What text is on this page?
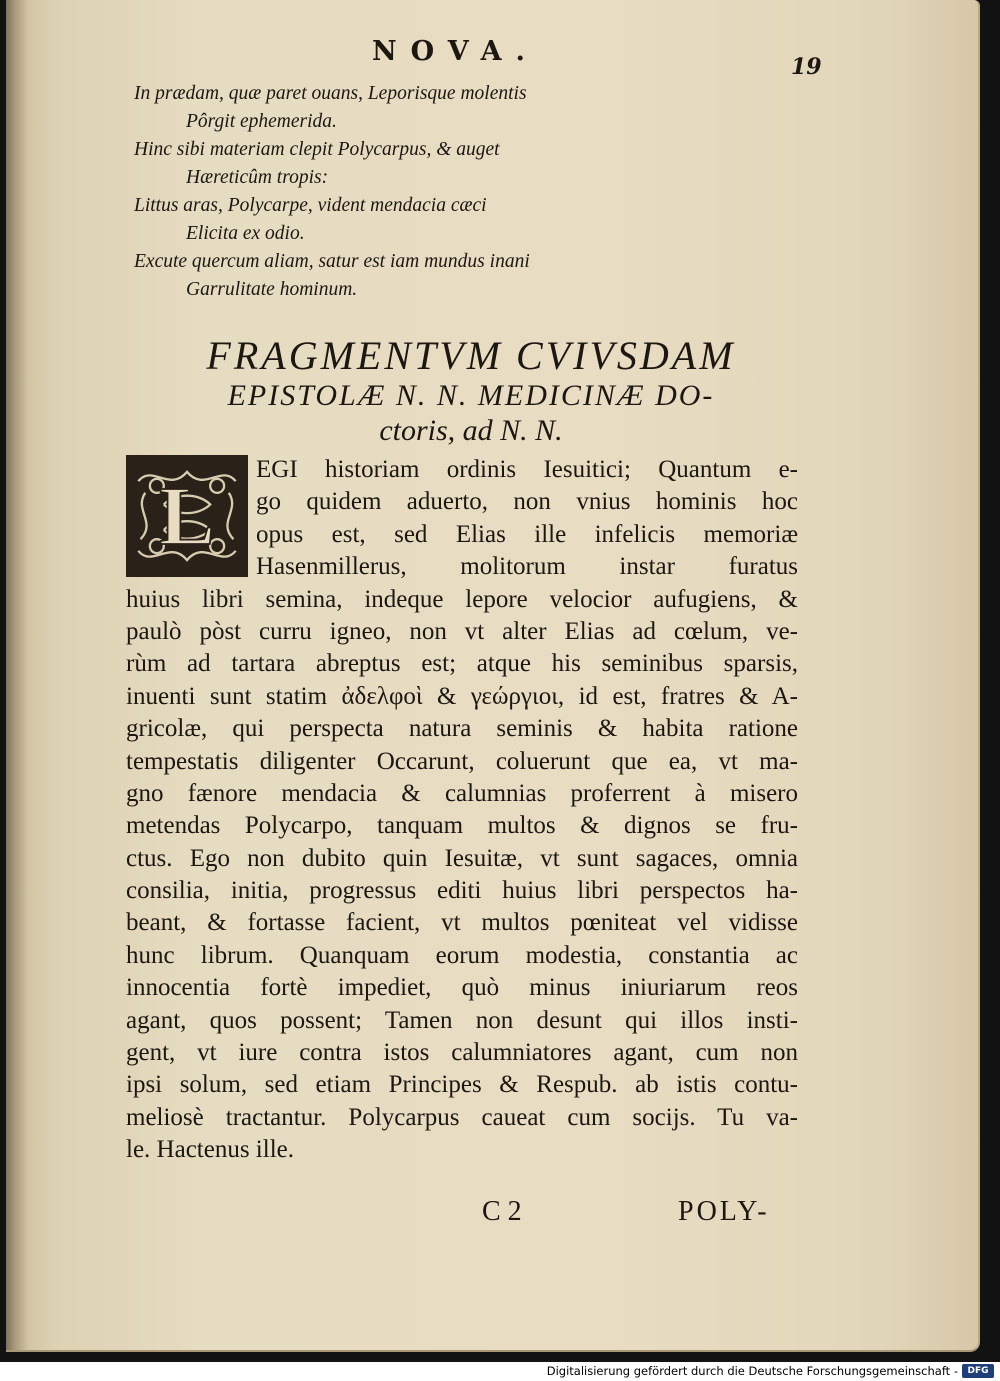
NOVA.	19
In prædam, quæ paret ouans, Leporisque molentis
Pôrgit ephemerida.
Hinc sibi materiam clepit Polycarpus, & auget
Hæreticûm tropis:
Littus aras, Polycarpe, vident mendacia cæci
Elicita ex odio.
Excute quercum aliam, satur est iam mundus inani
Garrulitate hominum.
FRAGMENTVM CVIVSDAM
EPISTOLÆ N. N. MEDICINÆ DO-
ctoris, ad N. N.
L
EGI historiam ordinis Iesuitici; Quantum e-
go quidem aduerto, non vnius hominis hoc
opus est, sed Elias ille infelicis memoriæ
Hasenmillerus, molitorum instar furatus
huius libri semina, indeque lepore velocior aufugiens, &
paulò pòst curru igneo, non vt alter Elias ad cœlum, ve-
rùm ad tartara abreptus est; atque his seminibus sparsis,
inuenti sunt statim ἀδελφοὶ & γεώργιοι, id est, fratres & A-
gricolæ, qui perspecta natura seminis & habita ratione
tempestatis diligenter Occarunt, coluerunt que ea, vt ma-
gno fænore mendacia & calumnias proferrent à misero
metendas Polycarpo, tanquam multos & dignos se fru-
ctus. Ego non dubito quin Iesuitæ, vt sunt sagaces, omnia
consilia, initia, progressus editi huius libri perspectos ha-
beant, & fortasse facient, vt multos pœniteat vel vidisse
hunc librum. Quanquam eorum modestia, constantia ac
innocentia fortè impediet, quò minus iniuriarum reos
agant, quos possent; Tamen non desunt qui illos insti-
gent, vt iure contra istos calumniatores agant, cum non
ipsi solum, sed etiam Principes & Respub. ab istis contu-
meliosè tractantur. Polycarpus caueat cum socijs. Tu va-
le. Hactenus ille.
C 2	POLY-
Digitalisierung gefördert durch die Deutsche Forschungsgemeinschaft -	DFG
